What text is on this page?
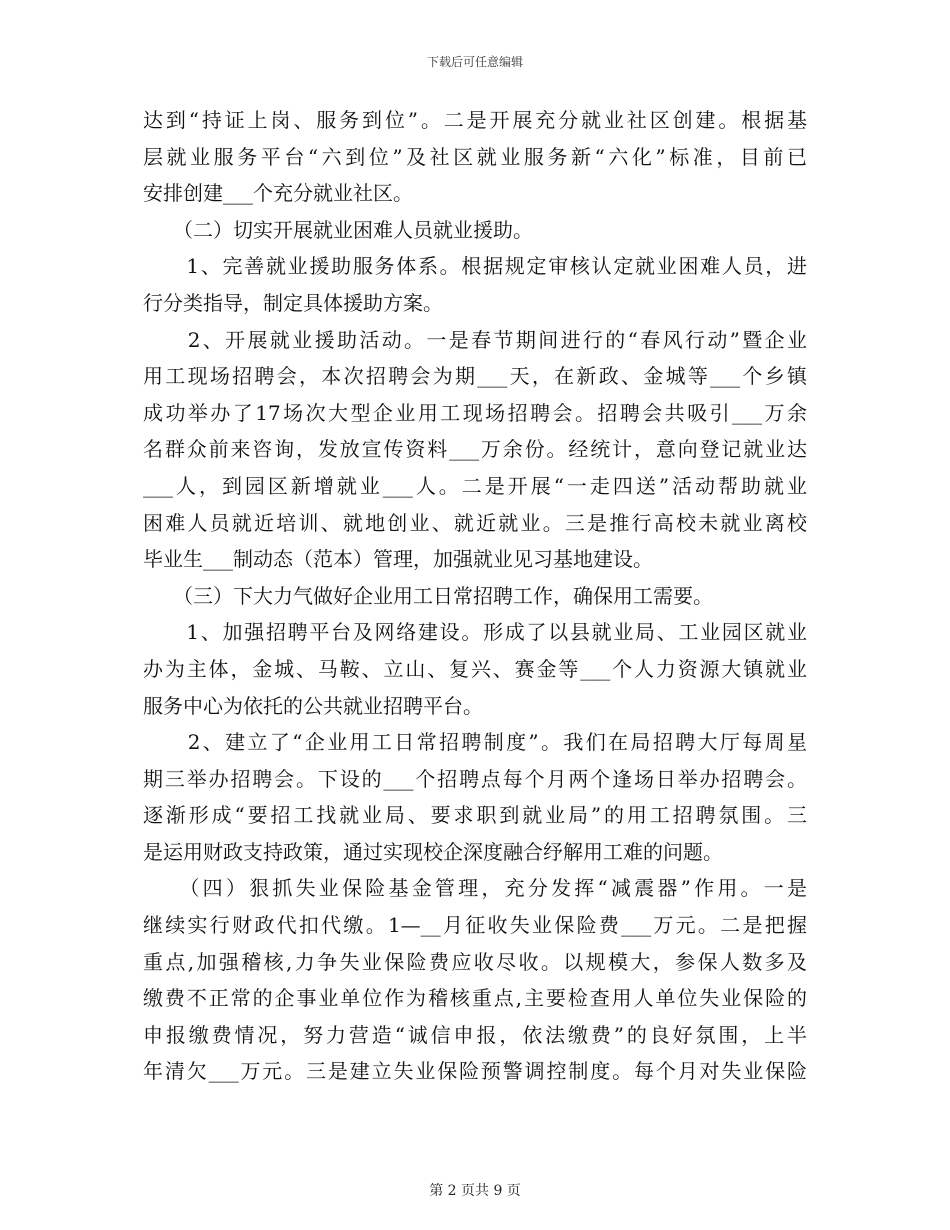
下载后可任意编辑
达到“持证上岗、服务到位”。二是开展充分就业社区创建。根据基
层就业服务平台“六到位”及社区就业服务新“六化”标准，目前已
安排创建___个充分就业社区。
　　（二）切实开展就业困难人员就业援助。
　　1、完善就业援助服务体系。根据规定审核认定就业困难人员，进
行分类指导，制定具体援助方案。
　　2、开展就业援助活动。一是春节期间进行的“春风行动”暨企业
用工现场招聘会，本次招聘会为期___天，在新政、金城等___个乡镇
成功举办了17场次大型企业用工现场招聘会。招聘会共吸引___万余
名群众前来咨询，发放宣传资料___万余份。经统计，意向登记就业达
___人，到园区新增就业___人。二是开展“一走四送”活动帮助就业
困难人员就近培训、就地创业、就近就业。三是推行高校未就业离校
毕业生___制动态（范本）管理，加强就业见习基地建设。
　　（三）下大力气做好企业用工日常招聘工作，确保用工需要。
　　1、加强招聘平台及网络建设。形成了以县就业局、工业园区就业
办为主体，金城、马鞍、立山、复兴、赛金等___个人力资源大镇就业
服务中心为依托的公共就业招聘平台。
　　2、建立了“企业用工日常招聘制度”。我们在局招聘大厅每周星
期三举办招聘会。下设的___个招聘点每个月两个逢场日举办招聘会。
逐渐形成“要招工找就业局、要求职到就业局”的用工招聘氛围。三
是运用财政支持政策，通过实现校企深度融合纾解用工难的问题。
　　（四）狠抓失业保险基金管理，充分发挥“减震器”作用。一是
继续实行财政代扣代缴。1—__月征收失业保险费___万元。二是把握
重点,加强稽核,力争失业保险费应收尽收。以规模大，参保人数多及
缴费不正常的企事业单位作为稽核重点,主要检查用人单位失业保险的
申报缴费情况，努力营造“诚信申报，依法缴费”的良好氛围，上半
年清欠___万元。三是建立失业保险预警调控制度。每个月对失业保险
第 2 页共 9 页
